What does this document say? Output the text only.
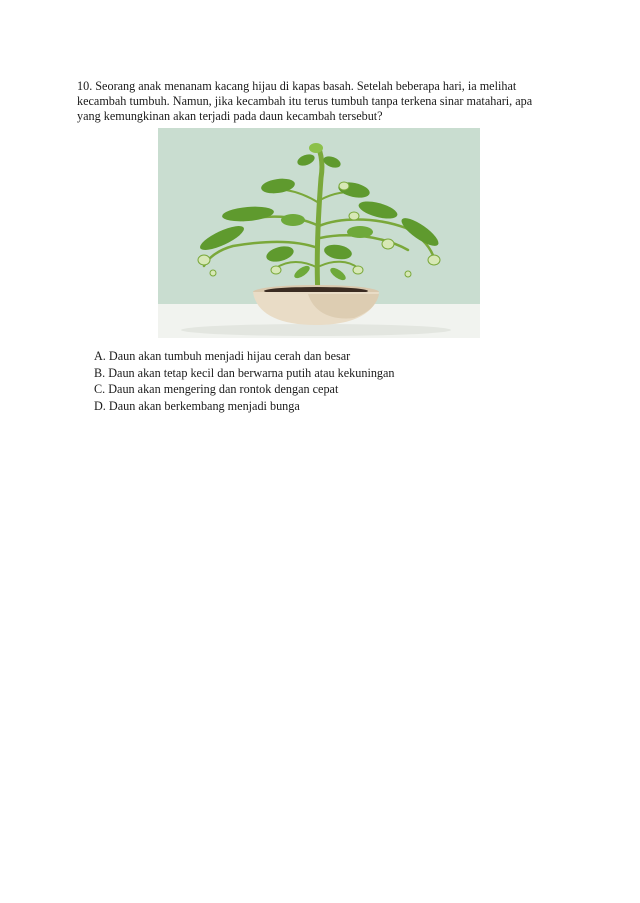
10. Seorang anak menanam kacang hijau di kapas basah. Setelah beberapa hari, ia melihat
kecambah tumbuh. Namun, jika kecambah itu terus tumbuh tanpa terkena sinar matahari, apa
yang kemungkinan akan terjadi pada daun kecambah tersebut?

A. Daun akan tumbuh menjadi hijau cerah dan besar
B. Daun akan tetap kecil dan berwarna putih atau kekuningan
C. Daun akan mengering dan rontok dengan cepat
D. Daun akan berkembang menjadi bunga
